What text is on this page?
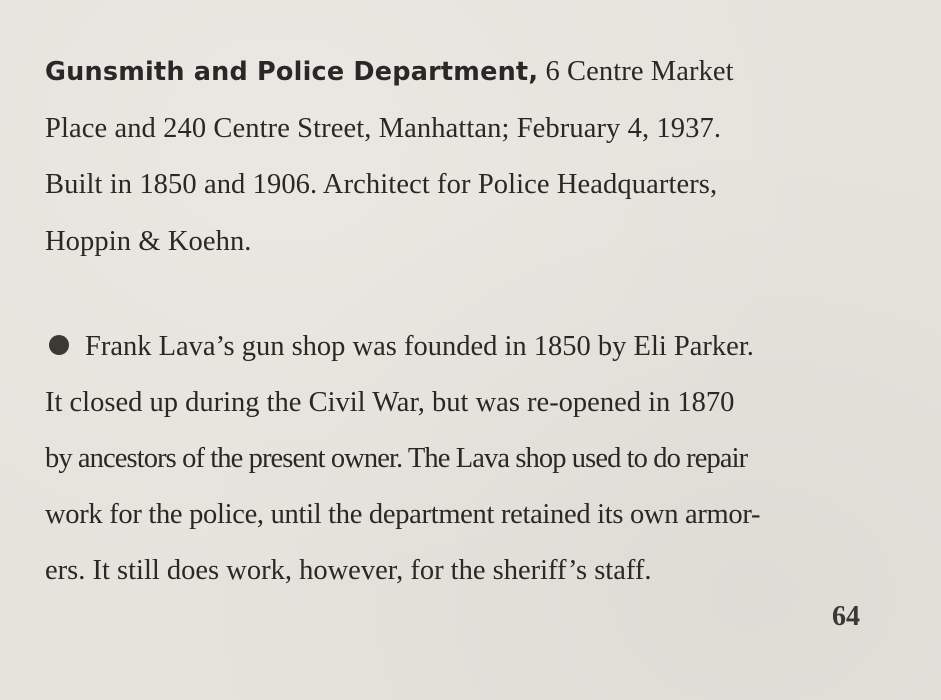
Gunsmith and Police Department, 6 Centre Market
Place and 240 Centre Street, Manhattan; February 4, 1937.
Built in 1850 and 1906. Architect for Police Headquarters,
Hoppin & Koehn.

Frank Lava’s gun shop was founded in 1850 by Eli Parker.
It closed up during the Civil War, but was re-opened in 1870
by ancestors of the present owner. The Lava shop used to do repair
work for the police, until the department retained its own armor-
ers. It still does work, however, for the sheriff’s staff.

64
